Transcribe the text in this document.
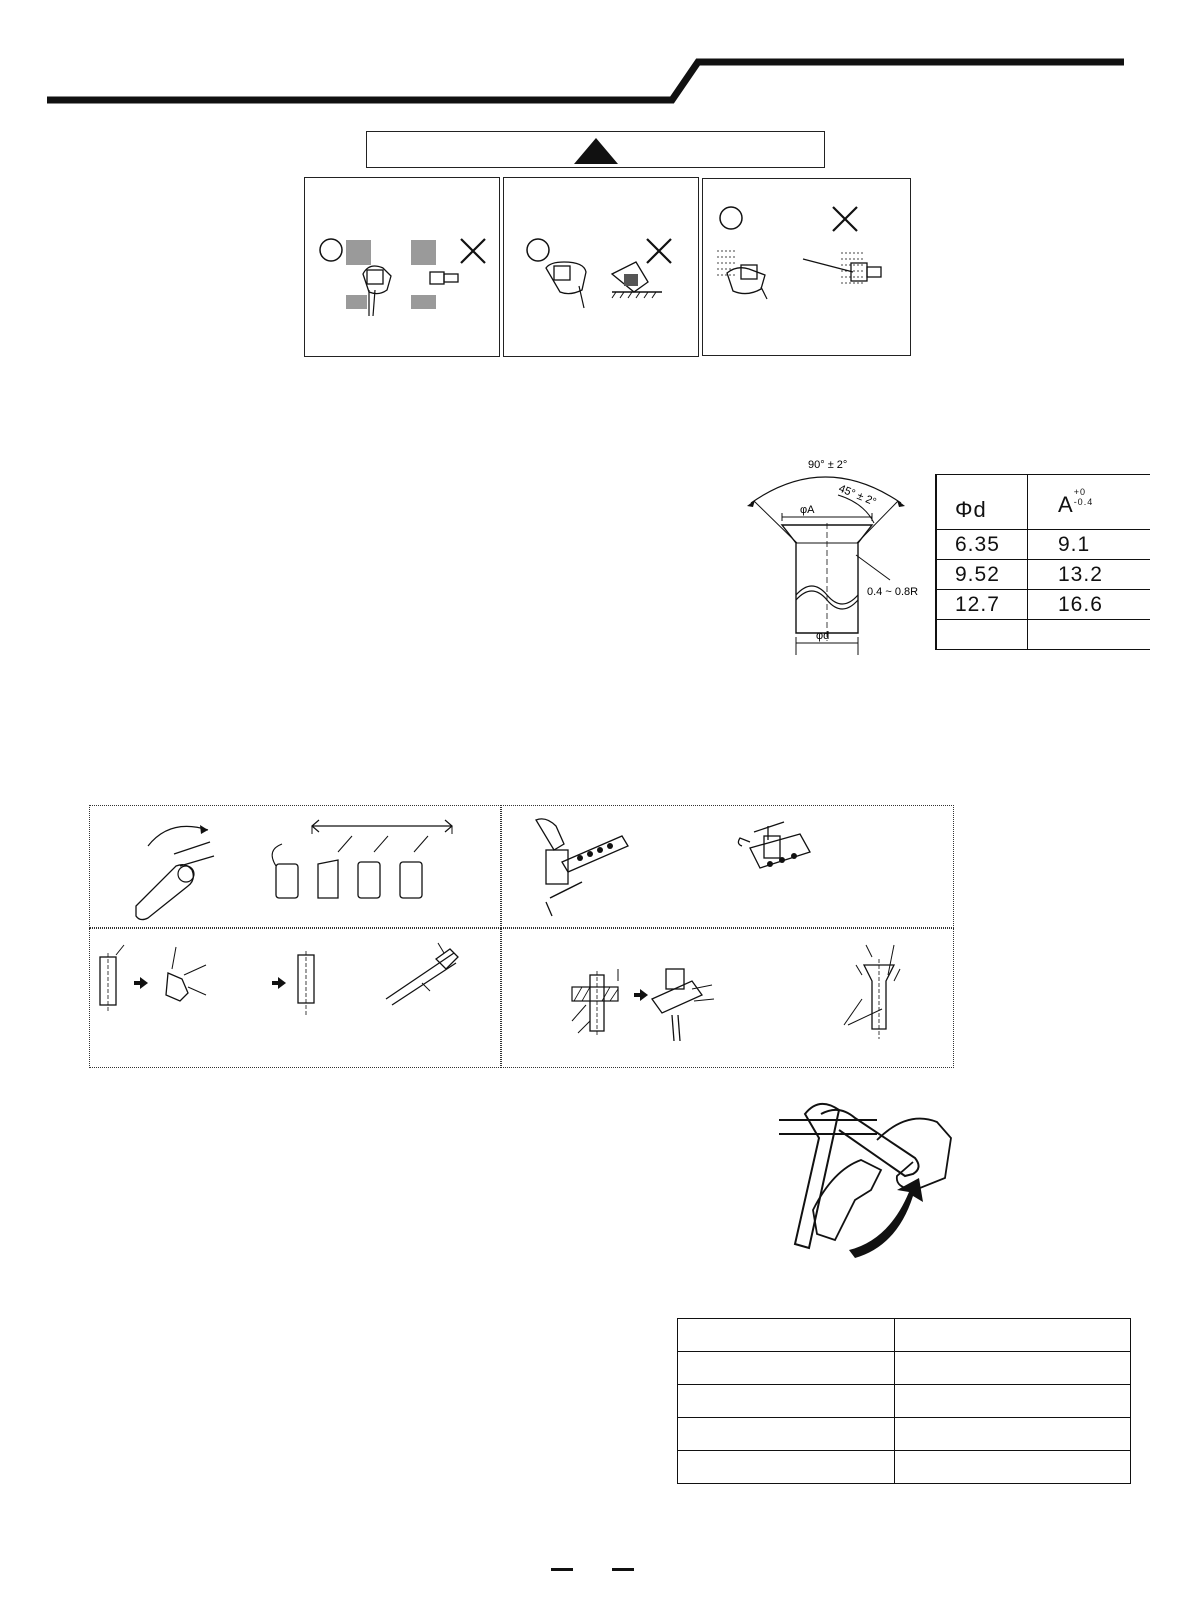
90° ± 2°
45° ± 2°
φA
0.4 ~ 0.8R
φd
Φd	$A^{+0 -0.4}$
6.35	9.1
9.52	13.2
12.7	16.6
